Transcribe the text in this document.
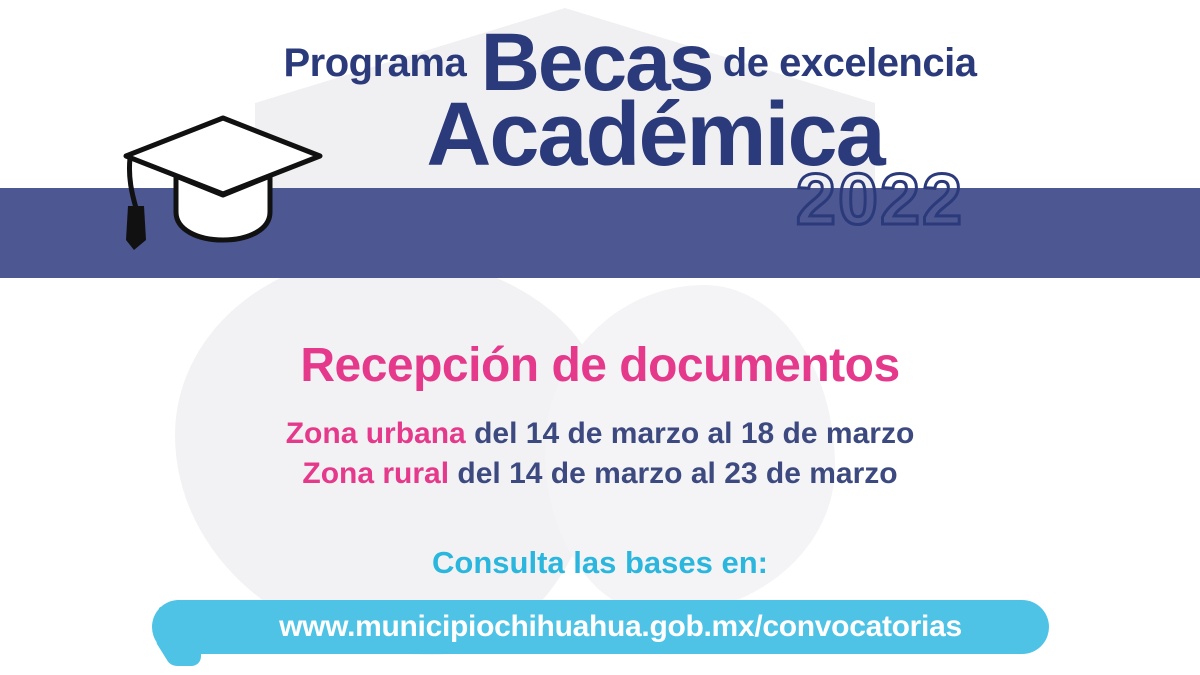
Programa Becas de excelencia
Académica
2022
Recepción de documentos
Zona urbana del 14 de marzo al 18 de marzo
Zona rural del 14 de marzo al 23 de marzo
Consulta las bases en:
www.municipiochihuahua.gob.mx/convocatorias
